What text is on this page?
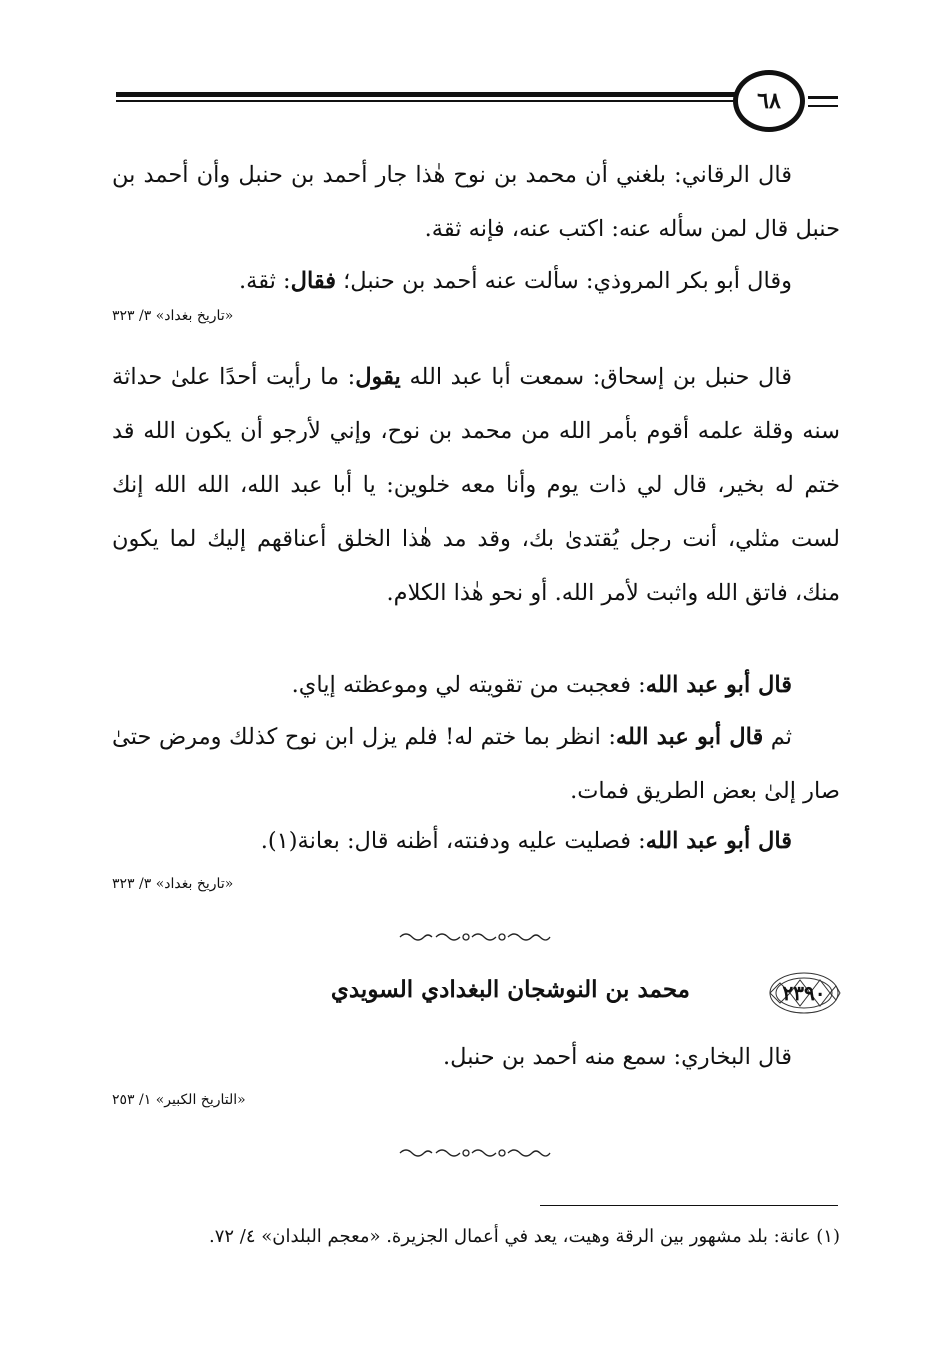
٦٨
قال الرقاني: بلغني أن محمد بن نوح هٰذا جار أحمد بن حنبل وأن أحمد بن حنبل قال لمن سأله عنه: اكتب عنه، فإنه ثقة.
وقال أبو بكر المروذي: سألت عنه أحمد بن حنبل؛ فقال: ثقة.
«تاريخ بغداد» ٣/ ٣٢٣
قال حنبل بن إسحاق: سمعت أبا عبد الله يقول: ما رأيت أحدًا علىٰ حداثة سنه وقلة علمه أقوم بأمر الله من محمد بن نوح، وإني لأرجو أن يكون الله قد ختم له بخير، قال لي ذات يوم وأنا معه خلوين: يا أبا عبد الله، الله الله إنك لست مثلي، أنت رجل يُقتدىٰ بك، وقد مد هٰذا الخلق أعناقهم إليك لما يكون منك، فاتق الله واثبت لأمر الله. أو نحو هٰذا الكلام.
قال أبو عبد الله: فعجبت من تقويته لي وموعظته إياي.
ثم قال أبو عبد الله: انظر بما ختم له! فلم يزل ابن نوح كذلك ومرض حتىٰ صار إلىٰ بعض الطريق فمات.
قال أبو عبد الله: فصليت عليه ودفنته، أظنه قال: بعانة(١).
«تاريخ بغداد» ٣/ ٣٢٣
٢٣٩٠
محمد بن النوشجان البغدادي السويدي
قال البخاري: سمع منه أحمد بن حنبل.
«التاريخ الكبير» ١/ ٢٥٣
(١) عانة: بلد مشهور بين الرقة وهيت، يعد في أعمال الجزيرة. «معجم البلدان» ٤/ ٧٢.
